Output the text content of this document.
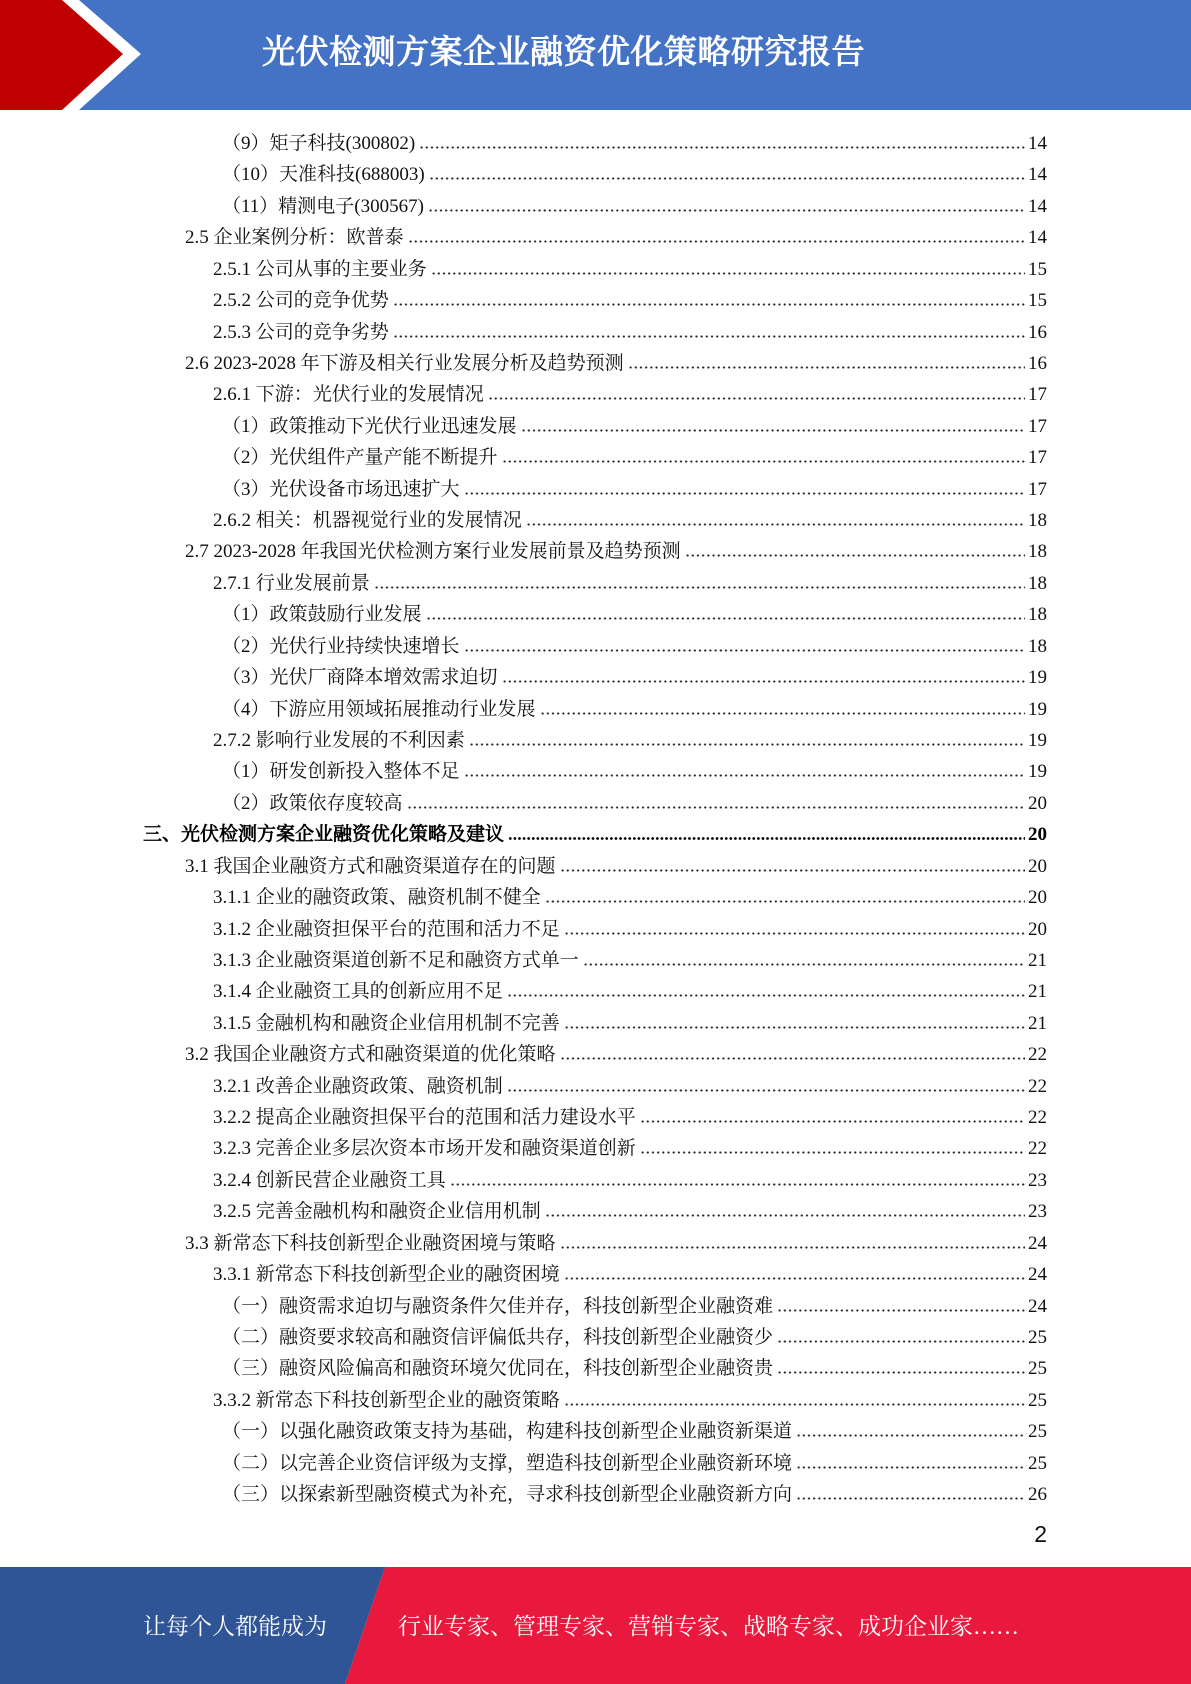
光伏检测方案企业融资优化策略研究报告
（9）矩子科技(300802)	14
（10）天准科技(688003)	14
（11）精测电子(300567)	14
2.5 企业案例分析：欧普泰	14
2.5.1 公司从事的主要业务	15
2.5.2 公司的竞争优势	15
2.5.3 公司的竞争劣势	16
2.6 2023-2028 年下游及相关行业发展分析及趋势预测	16
2.6.1 下游：光伏行业的发展情况	17
（1）政策推动下光伏行业迅速发展	17
（2）光伏组件产量产能不断提升	17
（3）光伏设备市场迅速扩大	17
2.6.2 相关：机器视觉行业的发展情况	18
2.7 2023-2028 年我国光伏检测方案行业发展前景及趋势预测	18
2.7.1 行业发展前景	18
（1）政策鼓励行业发展	18
（2）光伏行业持续快速增长	18
（3）光伏厂商降本增效需求迫切	19
（4）下游应用领域拓展推动行业发展	19
2.7.2 影响行业发展的不利因素	19
（1）研发创新投入整体不足	19
（2）政策依存度较高	20
三、光伏检测方案企业融资优化策略及建议	20
3.1 我国企业融资方式和融资渠道存在的问题	20
3.1.1 企业的融资政策、融资机制不健全	20
3.1.2 企业融资担保平台的范围和活力不足	20
3.1.3 企业融资渠道创新不足和融资方式单一	21
3.1.4 企业融资工具的创新应用不足	21
3.1.5 金融机构和融资企业信用机制不完善	21
3.2 我国企业融资方式和融资渠道的优化策略	22
3.2.1 改善企业融资政策、融资机制	22
3.2.2 提高企业融资担保平台的范围和活力建设水平	22
3.2.3 完善企业多层次资本市场开发和融资渠道创新	22
3.2.4 创新民营企业融资工具	23
3.2.5 完善金融机构和融资企业信用机制	23
3.3 新常态下科技创新型企业融资困境与策略	24
3.3.1 新常态下科技创新型企业的融资困境	24
（一）融资需求迫切与融资条件欠佳并存，科技创新型企业融资难	24
（二）融资要求较高和融资信评偏低共存，科技创新型企业融资少	25
（三）融资风险偏高和融资环境欠优同在，科技创新型企业融资贵	25
3.3.2 新常态下科技创新型企业的融资策略	25
（一）以强化融资政策支持为基础，构建科技创新型企业融资新渠道	25
（二）以完善企业资信评级为支撑，塑造科技创新型企业融资新环境	25
（三）以探索新型融资模式为补充，寻求科技创新型企业融资新方向	26
2
让每个人都能成为	行业专家、管理专家、营销专家、战略专家、成功企业家……
